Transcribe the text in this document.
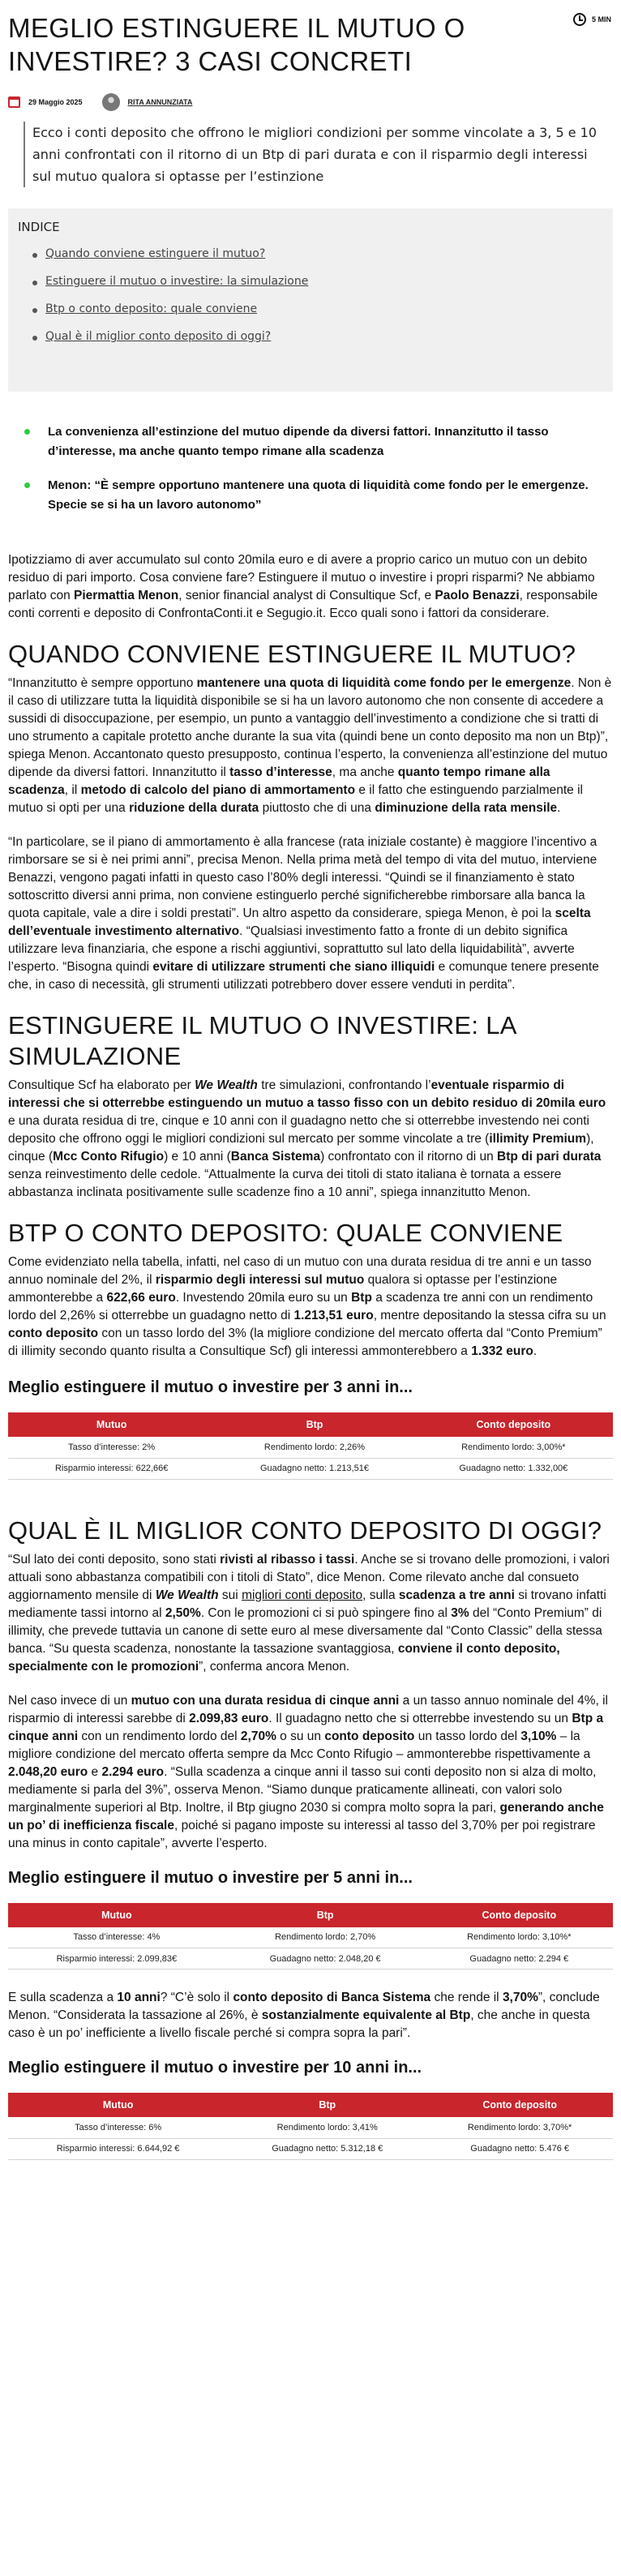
MEGLIO ESTINGUERE IL MUTUO O INVESTIRE? 3 CASI CONCRETI
5 MIN
29 Maggio 2025	RITA ANNUNZIATA
Ecco i conti deposito che offrono le migliori condizioni per somme vincolate a 3, 5 e 10 anni confrontati con il ritorno di un Btp di pari durata e con il risparmio degli interessi sul mutuo qualora si optasse per l’estinzione
INDICE
Quando conviene estinguere il mutuo?
Estinguere il mutuo o investire: la simulazione
Btp o conto deposito: quale conviene
Qual è il miglior conto deposito di oggi?
La convenienza all’estinzione del mutuo dipende da diversi fattori. Innanzitutto il tasso d’interesse, ma anche quanto tempo rimane alla scadenza
Menon: “È sempre opportuno mantenere una quota di liquidità come fondo per le emergenze. Specie se si ha un lavoro autonomo”

Ipotizziamo di aver accumulato sul conto 20mila euro e di avere a proprio carico un mutuo con un debito residuo di pari importo. Cosa conviene fare? Estinguere il mutuo o investire i propri risparmi? Ne abbiamo parlato con Piermattia Menon, senior financial analyst di Consultique Scf, e Paolo Benazzi, responsabile conti correnti e deposito di ConfrontaConti.it e Segugio.it. Ecco quali sono i fattori da considerare.

QUANDO CONVIENE ESTINGUERE IL MUTUO?

“Innanzitutto è sempre opportuno mantenere una quota di liquidità come fondo per le emergenze. Non è il caso di utilizzare tutta la liquidità disponibile se si ha un lavoro autonomo che non consente di accedere a sussidi di disoccupazione, per esempio, un punto a vantaggio dell’investimento a condizione che si tratti di uno strumento a capitale protetto anche durante la sua vita (quindi bene un conto deposito ma non un Btp)”, spiega Menon. Accantonato questo presupposto, continua l’esperto, la convenienza all’estinzione del mutuo dipende da diversi fattori. Innanzitutto il tasso d’interesse, ma anche quanto tempo rimane alla scadenza, il metodo di calcolo del piano di ammortamento e il fatto che estinguendo parzialmente il mutuo si opti per una riduzione della durata piuttosto che di una diminuzione della rata mensile.

“In particolare, se il piano di ammortamento è alla francese (rata iniziale costante) è maggiore l’incentivo a rimborsare se si è nei primi anni”, precisa Menon. Nella prima metà del tempo di vita del mutuo, interviene Benazzi, vengono pagati infatti in questo caso l’80% degli interessi. “Quindi se il finanziamento è stato sottoscritto diversi anni prima, non conviene estinguerlo perché significherebbe rimborsare alla banca la quota capitale, vale a dire i soldi prestati”. Un altro aspetto da considerare, spiega Menon, è poi la scelta dell’eventuale investimento alternativo. “Qualsiasi investimento fatto a fronte di un debito significa utilizzare leva finanziaria, che espone a rischi aggiuntivi, soprattutto sul lato della liquidabilità”, avverte l’esperto. “Bisogna quindi evitare di utilizzare strumenti che siano illiquidi e comunque tenere presente che, in caso di necessità, gli strumenti utilizzati potrebbero dover essere venduti in perdita”.

ESTINGUERE IL MUTUO O INVESTIRE: LA SIMULAZIONE

Consultique Scf ha elaborato per We Wealth tre simulazioni, confrontando l’eventuale risparmio di interessi che si otterrebbe estinguendo un mutuo a tasso fisso con un debito residuo di 20mila euro e una durata residua di tre, cinque e 10 anni con il guadagno netto che si otterrebbe investendo nei conti deposito che offrono oggi le migliori condizioni sul mercato per somme vincolate a tre (illimity Premium), cinque (Mcc Conto Rifugio) e 10 anni (Banca Sistema) confrontato con il ritorno di un Btp di pari durata senza reinvestimento delle cedole. “Attualmente la curva dei titoli di stato italiana è tornata a essere abbastanza inclinata positivamente sulle scadenze fino a 10 anni”, spiega innanzitutto Menon.

BTP O CONTO DEPOSITO: QUALE CONVIENE

Come evidenziato nella tabella, infatti, nel caso di un mutuo con una durata residua di tre anni e un tasso annuo nominale del 2%, il risparmio degli interessi sul mutuo qualora si optasse per l’estinzione ammonterebbe a 622,66 euro. Investendo 20mila euro su un Btp a scadenza tre anni con un rendimento lordo del 2,26% si otterrebbe un guadagno netto di 1.213,51 euro, mentre depositando la stessa cifra su un conto deposito con un tasso lordo del 3% (la migliore condizione del mercato offerta dal “Conto Premium” di illimity secondo quanto risulta a Consultique Scf) gli interessi ammonterebbero a 1.332 euro.

Meglio estinguere il mutuo o investire per 3 anni in...
Mutuo	Btp	Conto deposito
Tasso d’interesse: 2%	Rendimento lordo: 2,26%	Rendimento lordo: 3,00%*
Risparmio interessi: 622,66€	Guadagno netto: 1.213,51€	Guadagno netto: 1.332,00€
QUAL È IL MIGLIOR CONTO DEPOSITO DI OGGI?

“Sul lato dei conti deposito, sono stati rivisti al ribasso i tassi. Anche se si trovano delle promozioni, i valori attuali sono abbastanza compatibili con i titoli di Stato”, dice Menon. Come rilevato anche dal consueto aggiornamento mensile di We Wealth sui migliori conti deposito, sulla scadenza a tre anni si trovano infatti mediamente tassi intorno al 2,50%. Con le promozioni ci si può spingere fino al 3% del “Conto Premium” di illimity, che prevede tuttavia un canone di sette euro al mese diversamente dal “Conto Classic” della stessa banca. “Su questa scadenza, nonostante la tassazione svantaggiosa, conviene il conto deposito, specialmente con le promozioni”, conferma ancora Menon.

Nel caso invece di un mutuo con una durata residua di cinque anni a un tasso annuo nominale del 4%, il risparmio di interessi sarebbe di 2.099,83 euro. Il guadagno netto che si otterrebbe investendo su un Btp a cinque anni con un rendimento lordo del 2,70% o su un conto deposito un tasso lordo del 3,10% – la migliore condizione del mercato offerta sempre da Mcc Conto Rifugio – ammonterebbe rispettivamente a 2.048,20 euro e 2.294 euro. “Sulla scadenza a cinque anni il tasso sui conti deposito non si alza di molto, mediamente si parla del 3%”, osserva Menon. “Siamo dunque praticamente allineati, con valori solo marginalmente superiori al Btp. Inoltre, il Btp giugno 2030 si compra molto sopra la pari, generando anche un po’ di inefficienza fiscale, poiché si pagano imposte su interessi al tasso del 3,70% per poi registrare una minus in conto capitale”, avverte l’esperto.

Meglio estinguere il mutuo o investire per 5 anni in...
Mutuo	Btp	Conto deposito
Tasso d’interesse: 4%	Rendimento lordo: 2,70%	Rendimento lordo: 3,10%*
Risparmio interessi: 2.099,83€	Guadagno netto: 2.048,20 €	Guadagno netto: 2.294 €

E sulla scadenza a 10 anni? “C’è solo il conto deposito di Banca Sistema che rende il 3,70%”, conclude Menon. “Considerata la tassazione al 26%, è sostanzialmente equivalente al Btp, che anche in questa caso è un po’ inefficiente a livello fiscale perché si compra sopra la pari”.

Meglio estinguere il mutuo o investire per 10 anni in...
Mutuo	Btp	Conto deposito
Tasso d’interesse: 6%	Rendimento lordo: 3,41%	Rendimento lordo: 3,70%*
Risparmio interessi: 6.644,92 €	Guadagno netto: 5.312,18 €	Guadagno netto: 5.476 €
